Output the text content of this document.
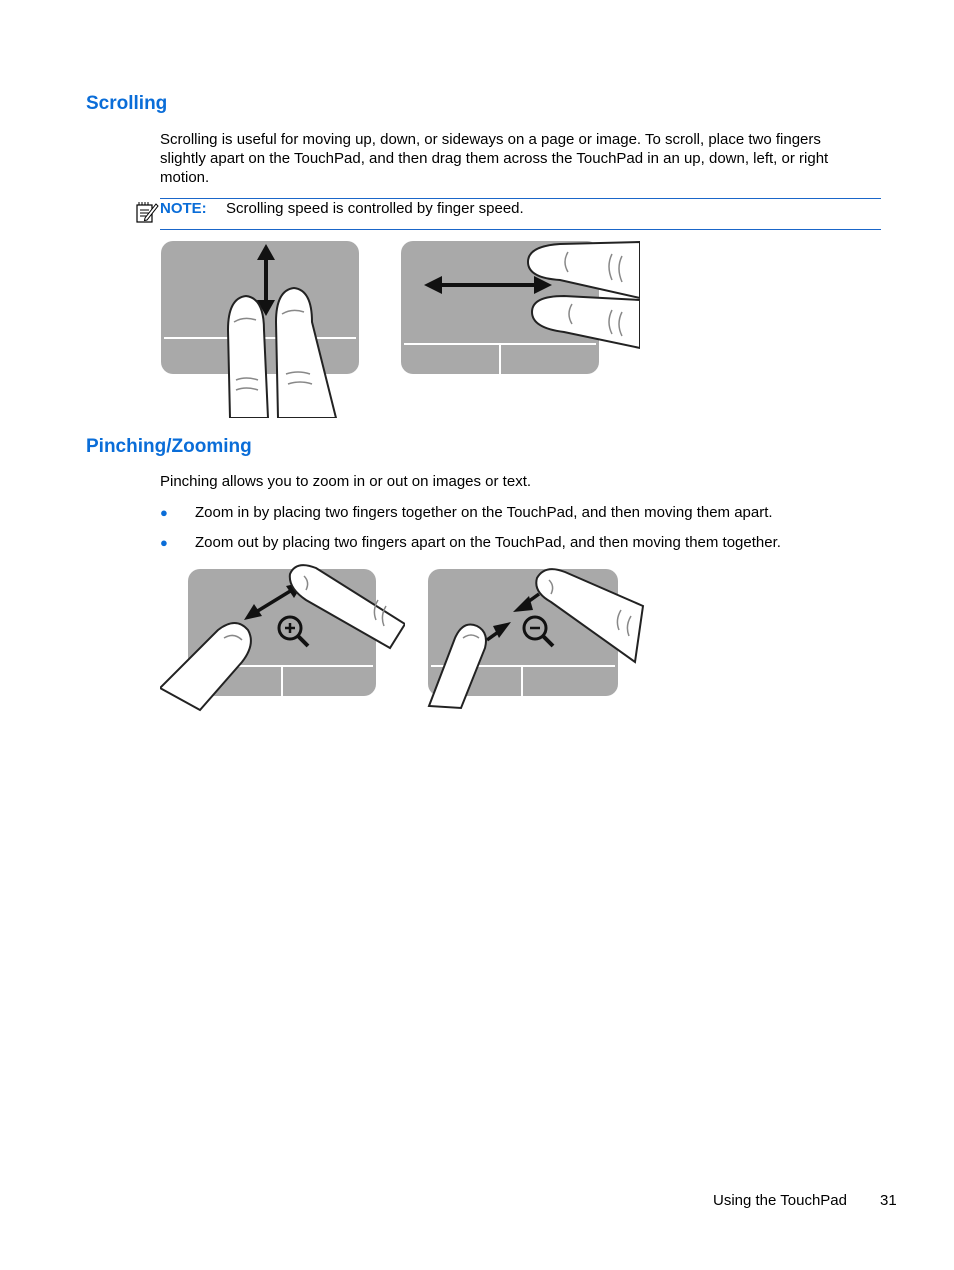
Scrolling

Scrolling is useful for moving up, down, or sideways on a page or image. To scroll, place two fingers
slightly apart on the TouchPad, and then drag them across the TouchPad in an up, down, left, or right
motion.

NOTE: Scrolling speed is controlled by finger speed.
Pinching/Zooming

Pinching allows you to zoom in or out on images or text.

● Zoom in by placing two fingers together on the TouchPad, and then moving them apart.
● Zoom out by placing two fingers apart on the TouchPad, and then moving them together.
Using the TouchPad 31
